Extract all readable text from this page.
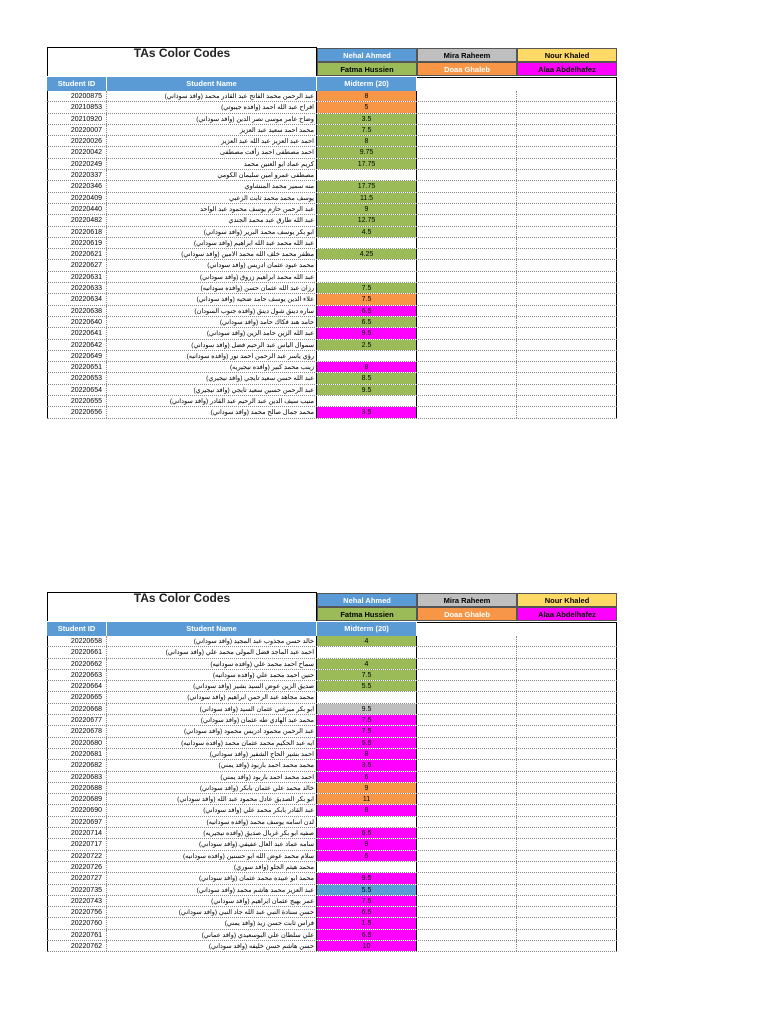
TAs Color Codes	Nehal Ahmed	Mira Raheem	Nour Khaled
Fatma Hussien	Doaa Ghaleb	Alaa Abdelhafez
Student ID	Student Name	Midterm (20)
20200875	عبد الرحمن محمد الفاتح عبد القادر محمد (وافد سوداني)	8
20210853	افراح عبد الله احمد (وافده جيبوتي)	5
20210920	وضاح عامر موسى نصر الدين (وافد سوداني)	3.5
20220007	محمد احمد سعيد عبد العزيز	7.5
20220026	احمد عبد العزيز عبد الله عبد العزيز	8
20220042	احمد مصطفى احمد رأفت مصطفى	9.75
20220249	كريم عماد ابو العنين محمد	17.75
20220337	مصطفى عمرو امين سليمان الكومي
20220346	منه سمير محمد المنشاوي	17.75
20220409	يوسف محمد محمد ثابت الزعبي	11.5
20220440	عبد الرحمن حازم يوسف محمود عبد الواحد	9
20220482	عبد الله طارق عبد محمد الجندي	12.75
20220618	ابو بكر يوسف محمد البرير (وافد سوداني)	4.5
20220619	عبد الله محمد عبد الله ابراهيم (وافد سوداني)
20220621	مظفر محمد خلف الله محمد الامين (وافد سوداني)	4.25
20220627	محمد عبود عثمان ادريس (وافد سوداني)
20220631	عبد الله محمد ابراهيم زروق (وافد سوداني)
20220633	رزان عبد الله عثمان حسن (وافده سودانيه)	7.5
20220634	علاء الدين يوسف حامد ضحيه (وافد سوداني)	7.5
20220638	ساره دينق شول دينق (وافده جنوب السودان)	6.5
20220640	حامد هند فكاك حامد (وافد سوداني)	6.5
20220641	عبد الله الزين حامد الزين (وافد سوداني)	9.5
20220642	سموال الياس عبد الرحيم فضل (وافد سوداني)	2.5
20220649	رؤي ياسر عبد الرحمن احمد نور (وافده سودانيه)
20220651	زينب محمد كبير (وافده نيجيريه)	8
20220653	عبد الله حسن سعيد تايجي (وافد نيجيري)	8.5
20220654	عبد الرحمن حسين سعيد تايجي (وافد نيجيري)	9.5
20220655	منيب سيف الدين عبد الرحيم عبد القادر (وافد سوداني)
20220656	محمد جمال صالح محمد (وافد سوداني)	3.5
TAs Color Codes	Nehal Ahmed	Mira Raheem	Nour Khaled
Fatma Hussien	Doaa Ghaleb	Alaa Abdelhafez
Student ID	Student Name	Midterm (20)
20220658	خالد حسن مجذوب عبد المجيد (وافد سوداني)	4
20220661	احمد عبد الماجد فضل المولى محمد علي (وافد سوداني)
20220662	سماح احمد محمد علي (وافده سودانيه)	4
20220663	حنين احمد محمد علي (وافده سودانيه)	7.5
20220664	صديق الزين عوض السيد بشير (وافد سوداني)	5.5
20220665	محمد مجاهد عبد الرحمن ابراهيم (وافد سوداني)
20220668	ابو بكر ميرغني عثمان السيد (وافد سوداني)	9.5
20220677	محمد عبد الهادي طه عثمان (وافد سوداني)	7.5
20220678	عبد الرحمن محمود ادريس محمود (وافد سوداني)	7.5
20220680	ايه عبد الحكيم محمد عثمان محمد (وافده سودانيه)	5.5
20220681	احمد بشير الحاج الشفير (وافد سوداني)	8
20220682	محمد محمد احمد باربود (وافد يمني)	3.5
20220683	احمد محمد احمد باربود (وافد يمني)	6
20220688	خالد محمد علي عثمان بابكر (وافد سوداني)	9
20220689	ابو بكر الصديق عادل محمود عبد الله (وافد سوداني)	11
20220690	عبد القادر بابكر محمد علي (وافد سوداني)	8
20220697	لدن اسامه يوسف محمد (وافده سودانيه)
20220714	صفيه ابو بكر غربال صديق (وافده نيجيريه)	6.5
20220717	سامه عماد عبد العال عفيفي (وافد سوداني)	9
20220722	سلام محمد عوض الله ابو حسنين (وافده سودانيه)	5
20220726	محمد هيثم الجلو (وافد سوري)
20220727	محمد ابو عبيده محمد عثمان (وافد سوداني)	9.5
20220735	عبد العزيز محمد هاشم محمد (وافد سوداني)	5.5
20220743	عمر بهيج عثمان ابراهيم (وافد سوداني)	7.5
20220756	حسن سنادة النبي عبد الله جاد النبي (وافد سوداني)	6.5
20220760	فراس ثابت حسن زيد (وافد يمني)	1.5
20220761	علي سلطان علي البوسعيدي (وافد عماني)	6.5
20220762	حسن هاشم حسن خليفه (وافد سوداني)	10
